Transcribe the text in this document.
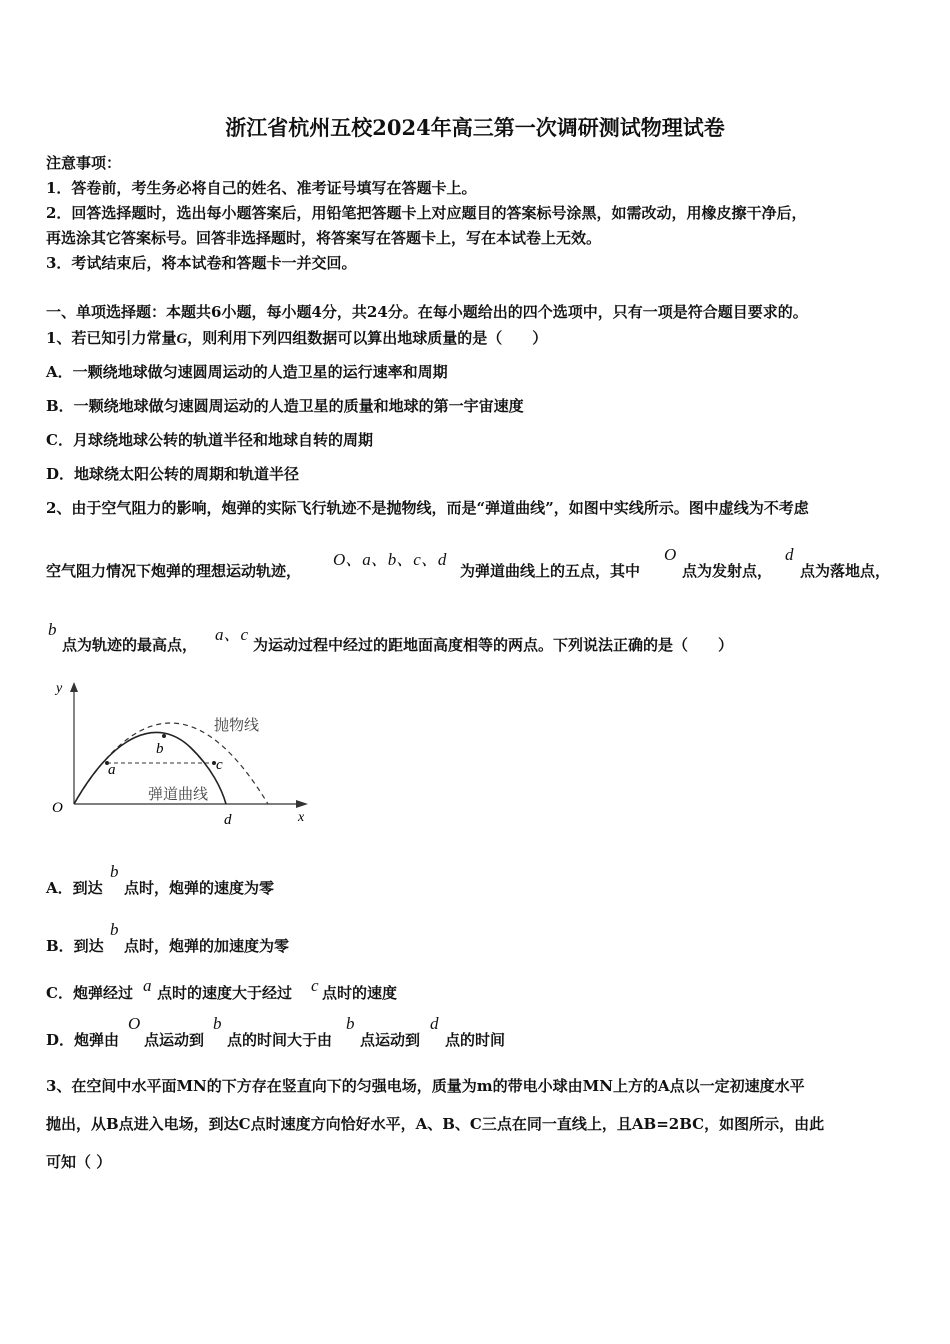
浙江省杭州五校2024年高三第一次调研测试物理试卷
注意事项：
1．答卷前，考生务必将自己的姓名、准考证号填写在答题卡上。
2．回答选择题时，选出每小题答案后，用铅笔把答题卡上对应题目的答案标号涂黑，如需改动，用橡皮擦干净后，
再选涂其它答案标号。回答非选择题时，将答案写在答题卡上，写在本试卷上无效。
3．考试结束后，将本试卷和答题卡一并交回。
一、单项选择题：本题共6小题，每小题4分，共24分。在每小题给出的四个选项中，只有一项是符合题目要求的。
1、若已知引力常量G，则利用下列四组数据可以算出地球质量的是（　　）
A．一颗绕地球做匀速圆周运动的人造卫星的运行速率和周期
B．一颗绕地球做匀速圆周运动的人造卫星的质量和地球的第一宇宙速度
C．月球绕地球公转的轨道半径和地球自转的周期
D．地球绕太阳公转的周期和轨道半径
2、由于空气阻力的影响，炮弹的实际飞行轨迹不是抛物线，而是“弹道曲线”，如图中实线所示。图中虚线为不考虑
空气阻力情况下炮弹的理想运动轨迹，
O、a、b、c、d
为弹道曲线上的五点，其中
O
点为发射点，
d
点为落地点，
b
点为轨迹的最高点，
a、c
为运动过程中经过的距地面高度相等的两点。下列说法正确的是（　　）
y
x
O
抛物线
弹道曲线
a
b
c
d
A．到达
b
点时，炮弹的速度为零
B．到达
b
点时，炮弹的加速度为零
C．炮弹经过 a 点时的速度大于经过 c 点时的速度
D．炮弹由
O
点运动到
b
点的时间大于由
b
点运动到
d
点的时间
3、在空间中水平面MN的下方存在竖直向下的匀强电场，质量为m的带电小球由MN上方的A点以一定初速度水平
抛出，从B点进入电场，到达C点时速度方向恰好水平，A、B、C三点在同一直线上，且AB=2BC，如图所示，由此
可知（ ）
